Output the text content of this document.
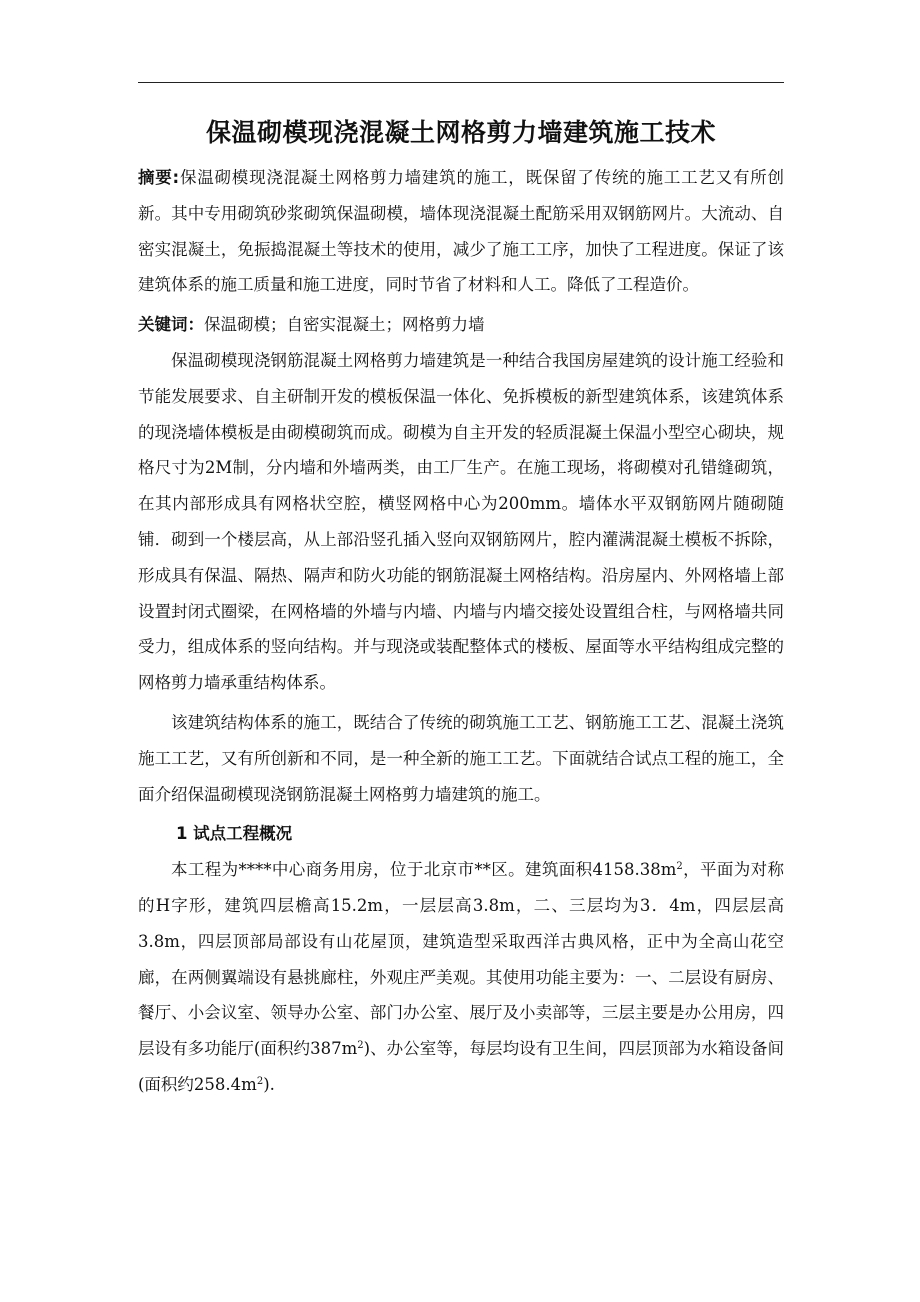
保温砌模现浇混凝土网格剪力墙建筑施工技术

摘要:保温砌模现浇混凝土网格剪力墙建筑的施工，既保留了传统的施工工艺又有所创新。其中专用砌筑砂浆砌筑保温砌模，墙体现浇混凝土配筋采用双钢筋网片。大流动、自密实混凝土，免振捣混凝土等技术的使用，减少了施工工序，加快了工程进度。保证了该建筑体系的施工质量和施工进度，同时节省了材料和人工。降低了工程造价。

关键词：保温砌模；自密实混凝土；网格剪力墙

保温砌模现浇钢筋混凝土网格剪力墙建筑是一种结合我国房屋建筑的设计施工经验和节能发展要求、自主研制开发的模板保温一体化、免拆模板的新型建筑体系，该建筑体系的现浇墙体模板是由砌模砌筑而成。砌模为自主开发的轻质混凝土保温小型空心砌块，规格尺寸为2M制，分内墙和外墙两类，由工厂生产。在施工现场，将砌模对孔错缝砌筑，在其内部形成具有网格状空腔，横竖网格中心为200mm。墙体水平双钢筋网片随砌随铺．砌到一个楼层高，从上部沿竖孔插入竖向双钢筋网片，腔内灌满混凝土模板不拆除，形成具有保温、隔热、隔声和防火功能的钢筋混凝土网格结构。沿房屋内、外网格墙上部设置封闭式圈梁，在网格墙的外墙与内墙、内墙与内墙交接处设置组合柱，与网格墙共同受力，组成体系的竖向结构。并与现浇或装配整体式的楼板、屋面等水平结构组成完整的网格剪力墙承重结构体系。

该建筑结构体系的施工，既结合了传统的砌筑施工工艺、钢筋施工工艺、混凝土浇筑施工工艺，又有所创新和不同，是一种全新的施工工艺。下面就结合试点工程的施工，全面介绍保温砌模现浇钢筋混凝土网格剪力墙建筑的施工。

1 试点工程概况

本工程为****中心商务用房，位于北京市**区。建筑面积$4158.38m^2$，平面为对称的H字形，建筑四层檐高15.2m，一层层高3.8m，二、三层均为3．4m，四层层高3.8m，四层顶部局部设有山花屋顶，建筑造型采取西洋古典风格，正中为全高山花空廊，在两侧翼端设有悬挑廊柱，外观庄严美观。其使用功能主要为：一、二层设有厨房、餐厅、小会议室、领导办公室、部门办公室、展厅及小卖部等，三层主要是办公用房，四层设有多功能厅(面积约$387m^2$)、办公室等，每层均设有卫生间，四层顶部为水箱设备间(面积约$258.4m^2$).
